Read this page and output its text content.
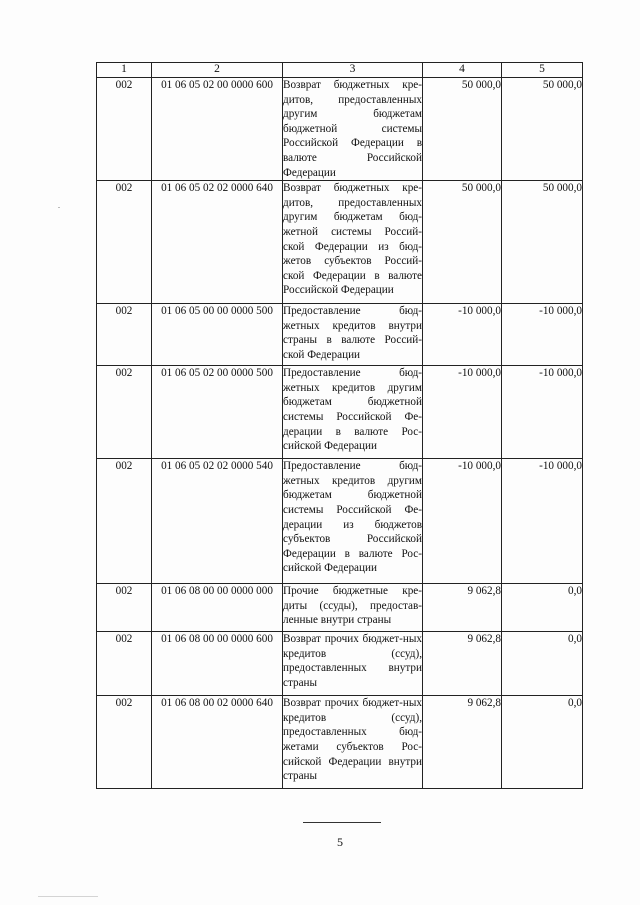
1	2	3	4	5
002	01 06 05 02 00 0000 600	Возврат бюджетных кре-дитов, предоставленных другим бюджетам бюджетной системы Российской Федерации в валюте Российской Федерации	50 000,0	50 000,0
002	01 06 05 02 02 0000 640	Возврат бюджетных кре-дитов, предоставленных другим бюджетам бюд-жетной системы Россий-ской Федерации из бюд-жетов субъектов Россий-ской Федерации в валюте Российской Федерации	50 000,0	50 000,0
002	01 06 05 00 00 0000 500	Предоставление бюд-жетных кредитов внутри страны в валюте Россий-ской Федерации	-10 000,0	-10 000,0
002	01 06 05 02 00 0000 500	Предоставление бюд-жетных кредитов другим бюджетам бюджетной системы Российской Фе-дерации в валюте Рос-сийской Федерации	-10 000,0	-10 000,0
002	01 06 05 02 02 0000 540	Предоставление бюд-жетных кредитов другим бюджетам бюджетной системы Российской Фе-дерации из бюджетов субъектов Российской Федерации в валюте Рос-сийской Федерации	-10 000,0	-10 000,0
002	01 06 08 00 00 0000 000	Прочие бюджетные кре-диты (ссуды), предостав-ленные внутри страны	9 062,8	0,0
002	01 06 08 00 00 0000 600	Возврат прочих бюджет-ных кредитов (ссуд), предоставленных внутри страны	9 062,8	0,0
002	01 06 08 00 02 0000 640	Возврат прочих бюджет-ных кредитов (ссуд), предоставленных бюд-жетами субъектов Рос-сийской Федерации внутри страны	9 062,8	0,0
5
